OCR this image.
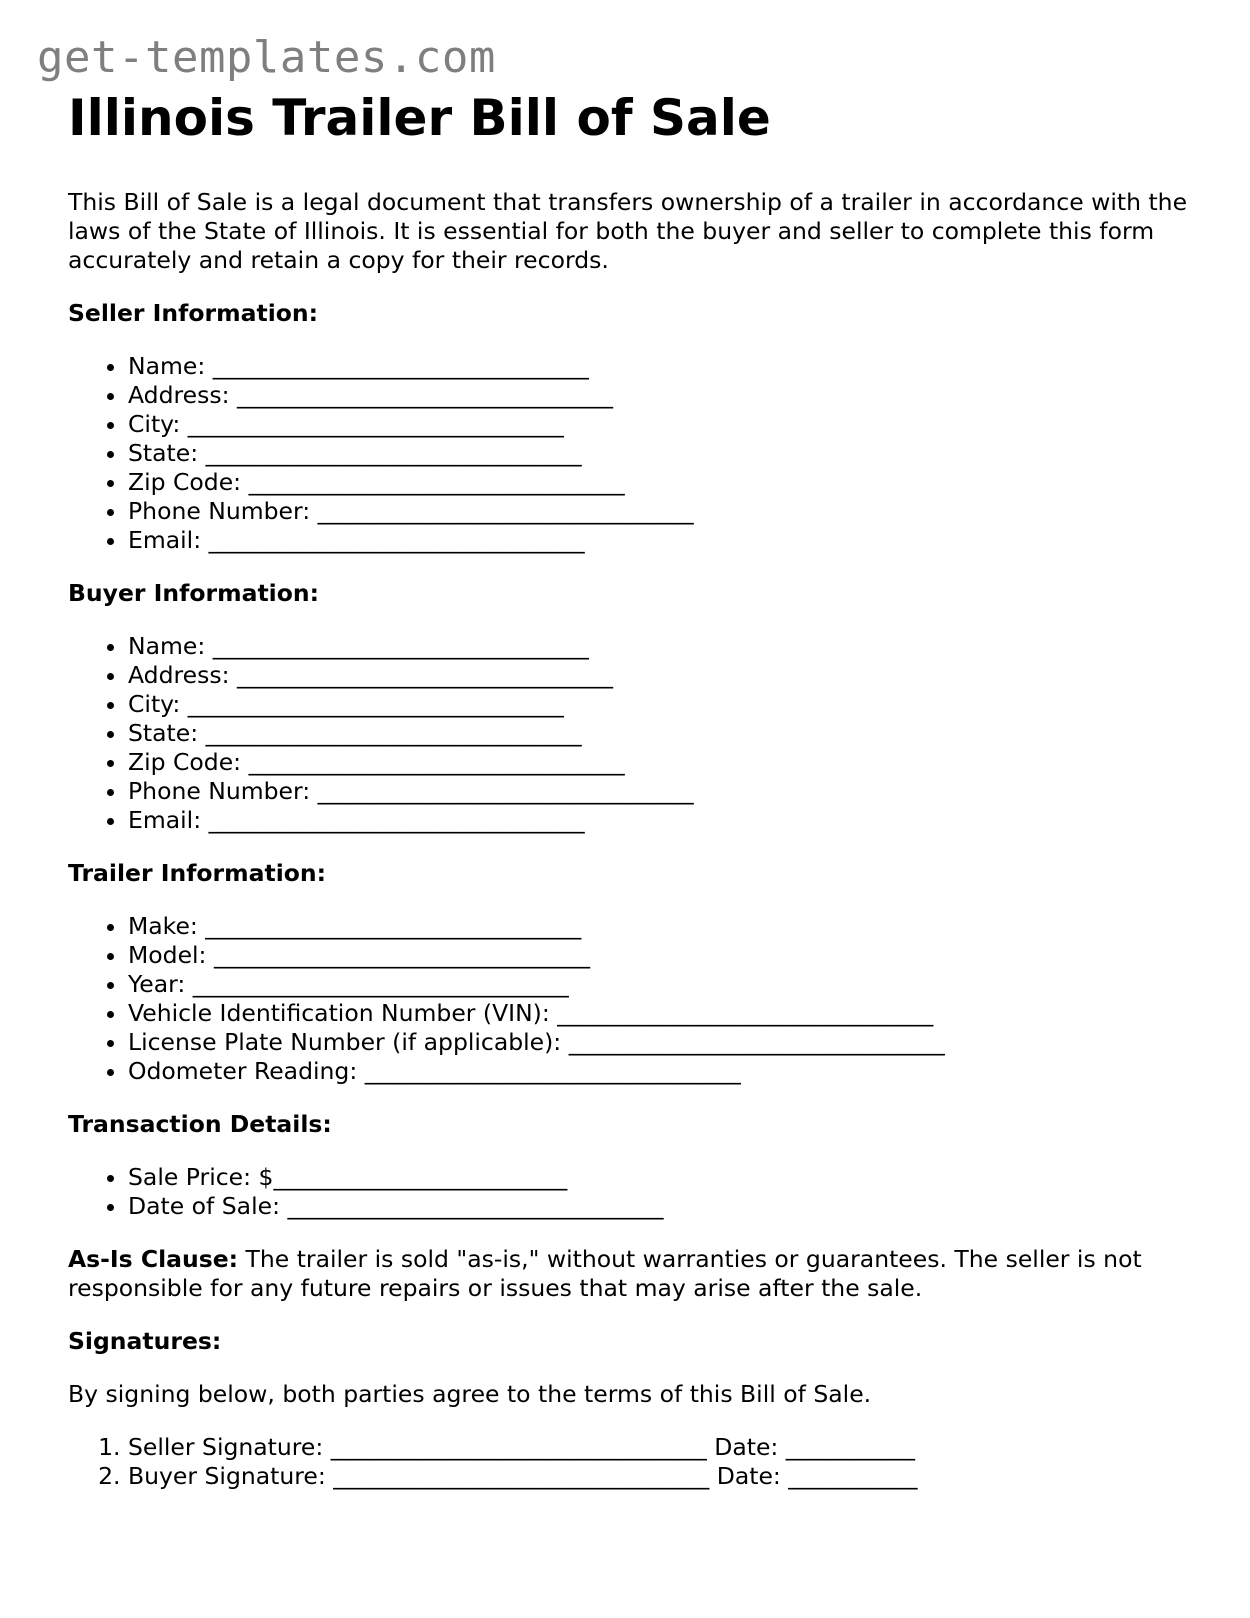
get-templates.com
Illinois Trailer Bill of Sale

This Bill of Sale is a legal document that transfers ownership of a trailer in accordance with the laws of the State of Illinois. It is essential for both the buyer and seller to complete this form accurately and retain a copy for their records.

Seller Information:

• Name: ________________________________
• Address: ________________________________
• City: ________________________________
• State: ________________________________
• Zip Code: ________________________________
• Phone Number: ________________________________
• Email: ________________________________

Buyer Information:

• Name: ________________________________
• Address: ________________________________
• City: ________________________________
• State: ________________________________
• Zip Code: ________________________________
• Phone Number: ________________________________
• Email: ________________________________

Trailer Information:

• Make: ________________________________
• Model: ________________________________
• Year: ________________________________
• Vehicle Identification Number (VIN): ________________________________
• License Plate Number (if applicable): ________________________________
• Odometer Reading: ________________________________

Transaction Details:

• Sale Price: $_________________________
• Date of Sale: ________________________________

As-Is Clause: The trailer is sold "as-is," without warranties or guarantees. The seller is not responsible for any future repairs or issues that may arise after the sale.

Signatures:

By signing below, both parties agree to the terms of this Bill of Sale.

1. Seller Signature: ________________________________ Date: ___________
2. Buyer Signature: ________________________________ Date: ___________
